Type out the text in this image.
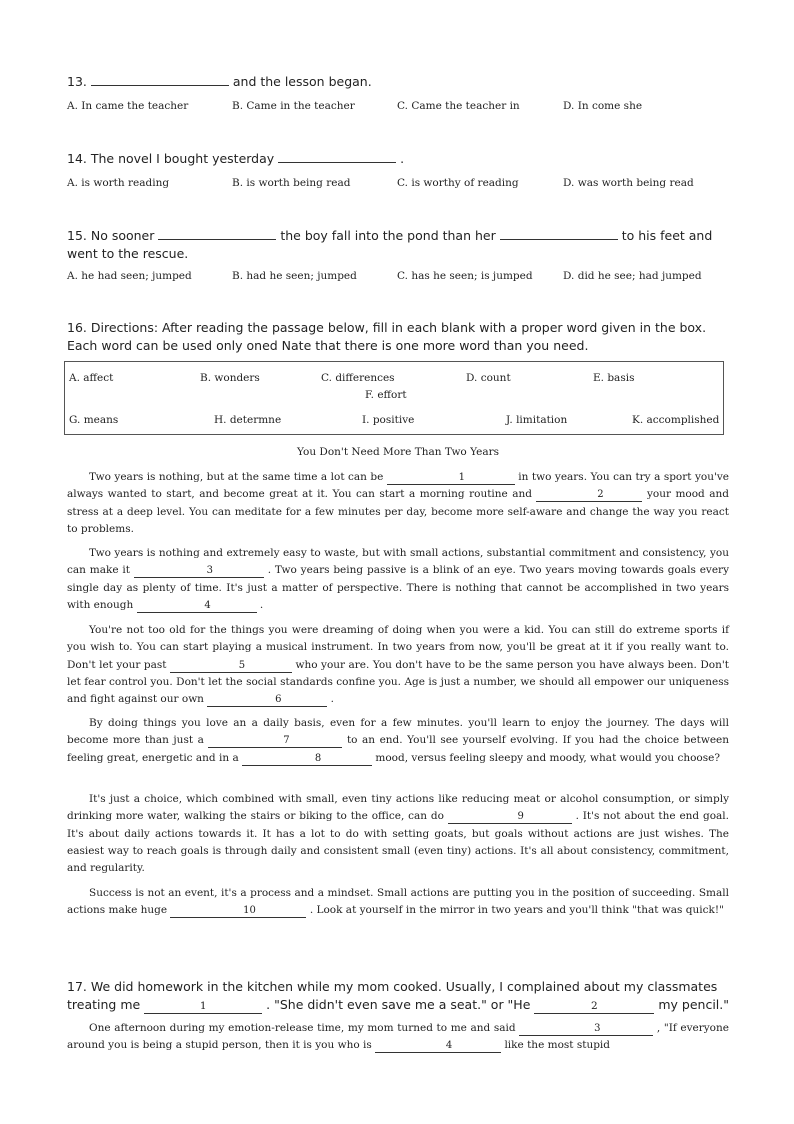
13.	and the lesson began.
A. In came the teacher	B. Came in the teacher	C. Came the teacher in	D. In come she
14. The novel I bought yesterday	.
A. is worth reading	B. is worth being read	C. is worthy of reading	D. was worth being read
15. No sooner	the boy fall into the pond than her	to his feet and went to the rescue.
A. he had seen; jumped	B. had he seen; jumped	C. has he seen; is jumped	D. did he see; had jumped
16. Directions: After reading the passage below, fill in each blank with a proper word given in the box. Each word can be used only oned Nate that there is one more word than you need.
A. affect	B. wonders	C. differences	D. count	E. basis
F. effort
G. means	H. determne	I. positive	J. limitation	K. accomplished
You Don't Need More Than Two Years
Two years is nothing, but at the same time a lot can be	1	in two years. You can try a sport you've always wanted to start, and become great at it. You can start a morning routine and	2	your mood and stress at a deep level. You can meditate for a few minutes per day, become more self-aware and change the way you react to problems.
Two years is nothing and extremely easy to waste, but with small actions, substantial commitment and consistency, you can make it	3	. Two years being passive is a blink of an eye. Two years moving towards goals every single day as plenty of time. It's just a matter of perspective. There is nothing that cannot be accomplished in two years with enough	4	.
You're not too old for the things you were dreaming of doing when you were a kid. You can still do extreme sports if you wish to. You can start playing a musical instrument. In two years from now, you'll be great at it if you really want to. Don't let your past	5	who your are. You don't have to be the same person you have always been. Don't let fear control you. Don't let the social standards confine you. Age is just a number, we should all empower our uniqueness and fight against our own	6	.
By doing things you love an a daily basis, even for a few minutes. you'll learn to enjoy the journey. The days will become more than just a	7	to an end. You'll see yourself evolving. If you had the choice between feeling great, energetic and in a	8	mood, versus feeling sleepy and moody, what would you choose?
It's just a choice, which combined with small, even tiny actions like reducing meat or alcohol consumption, or simply drinking more water, walking the stairs or biking to the office, can do	9	. It's not about the end goal. It's about daily actions towards it. It has a lot to do with setting goats, but goals without actions are just wishes. The easiest way to reach goals is through daily and consistent small (even tiny) actions. It's all about consistency, commitment, and regularity.
Success is not an event, it's a process and a mindset. Small actions are putting you in the position of succeeding. Small actions make huge	10	. Look at yourself in the mirror in two years and you'll think "that was quick!"
17. We did homework in the kitchen while my mom cooked. Usually, I complained about my classmates treating me	1	. "She didn't even save me a seat." or "He	2	my pencil."
One afternoon during my emotion-release time, my mom turned to me and said	3	, "If everyone around you is being a stupid person, then it is you who is	4	like the most stupid
